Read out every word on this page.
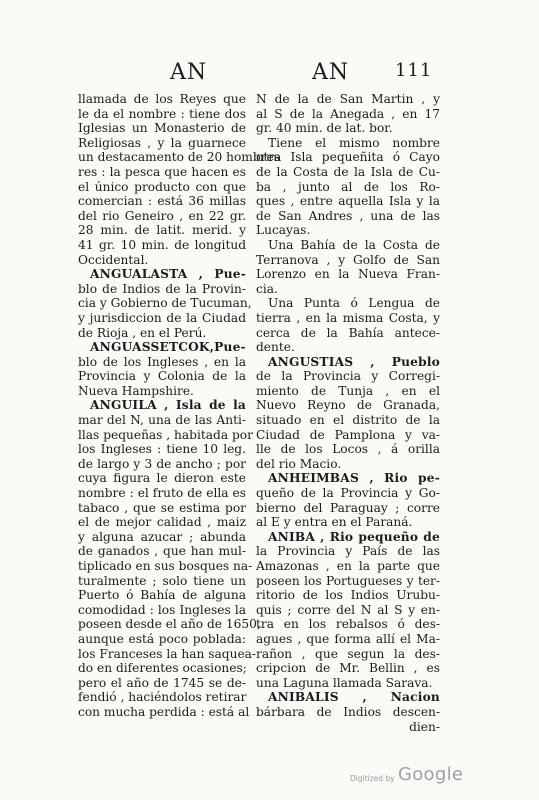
AN	AN	111
llamada de los Reyes que
le da el nombre : tiene dos
Iglesias un Monasterio de
Religiosas , y la guarnece
un destacamento de 20 hombres
res : la pesca que hacen es
el único producto con que
comercian : está 36 millas
del rio Geneiro , en 22 gr.
28 min. de latit. merid. y
41 gr. 10 min. de longitud
Occidental.
ANGUALASTA , Pue-
blo de Indios de la Provin-
cia y Gobierno de Tucuman,
y jurisdiccion de la Ciudad
de Rioja , en el Perú.
ANGUASSETCOK,Pue-
blo de los Ingleses , en la
Provincia y Colonia de la
Nueva Hampshire.
ANGUILA , Isla de la
mar del N, una de las Anti-
llas pequeñas , habitada por
los Ingleses : tiene 10 leg.
de largo y 3 de ancho ; por
cuya figura le dieron este
nombre : el fruto de ella es
tabaco , que se estima por
el de mejor calidad , maiz
y alguna azucar ; abunda
de ganados , que han mul-
tiplicado en sus bosques na-
turalmente ; solo tiene un
Puerto ó Bahía de alguna
comodidad : los Ingleses la
poseen desde el año de 1650,
aunque está poco poblada:
los Franceses la han saquea-
do en diferentes ocasiones;
pero el año de 1745 se de-
fendió , haciéndolos retirar
con mucha perdida : está al
N de la de San Martin , y
al S de la Anegada , en 17
gr. 40 min. de lat. bor.
Tiene el mismo nombre
otra Isla pequeñita ó Cayo
de la Costa de la Isla de Cu-
ba , junto al de los Ro-
ques , entre aquella Isla y la
de San Andres , una de las
Lucayas.
Una Bahía de la Costa de
Terranova , y Golfo de San
Lorenzo en la Nueva Fran-
cia.
Una Punta ó Lengua de
tierra , en la misma Costa, y
cerca de la Bahía antece-
dente.
ANGUSTIAS , Pueblo
de la Provincia y Corregi-
miento de Tunja , en el
Nuevo Reyno de Granada,
situado en el distrito de la
Ciudad de Pamplona y va-
lle de los Locos , á orilla
del rio Macio.
ANHEIMBAS , Rio pe-
queño de la Provincia y Go-
bierno del Paraguay ; corre
al E y entra en el Paraná.
ANIBA , Rio pequeño de
la Provincia y País de las
Amazonas , en la parte que
poseen los Portugueses y ter-
ritorio de los Indios Urubu-
quis ; corre del N al S y en-
tra en los rebalsos ó des-
agues , que forma allí el Ma-
rañon , que segun la des-
cripcion de Mr. Bellin , es
una Laguna llamada Sarava.
ANIBALIS , Nacion
bárbara de Indios descen-
dien-
Digitized by Google
